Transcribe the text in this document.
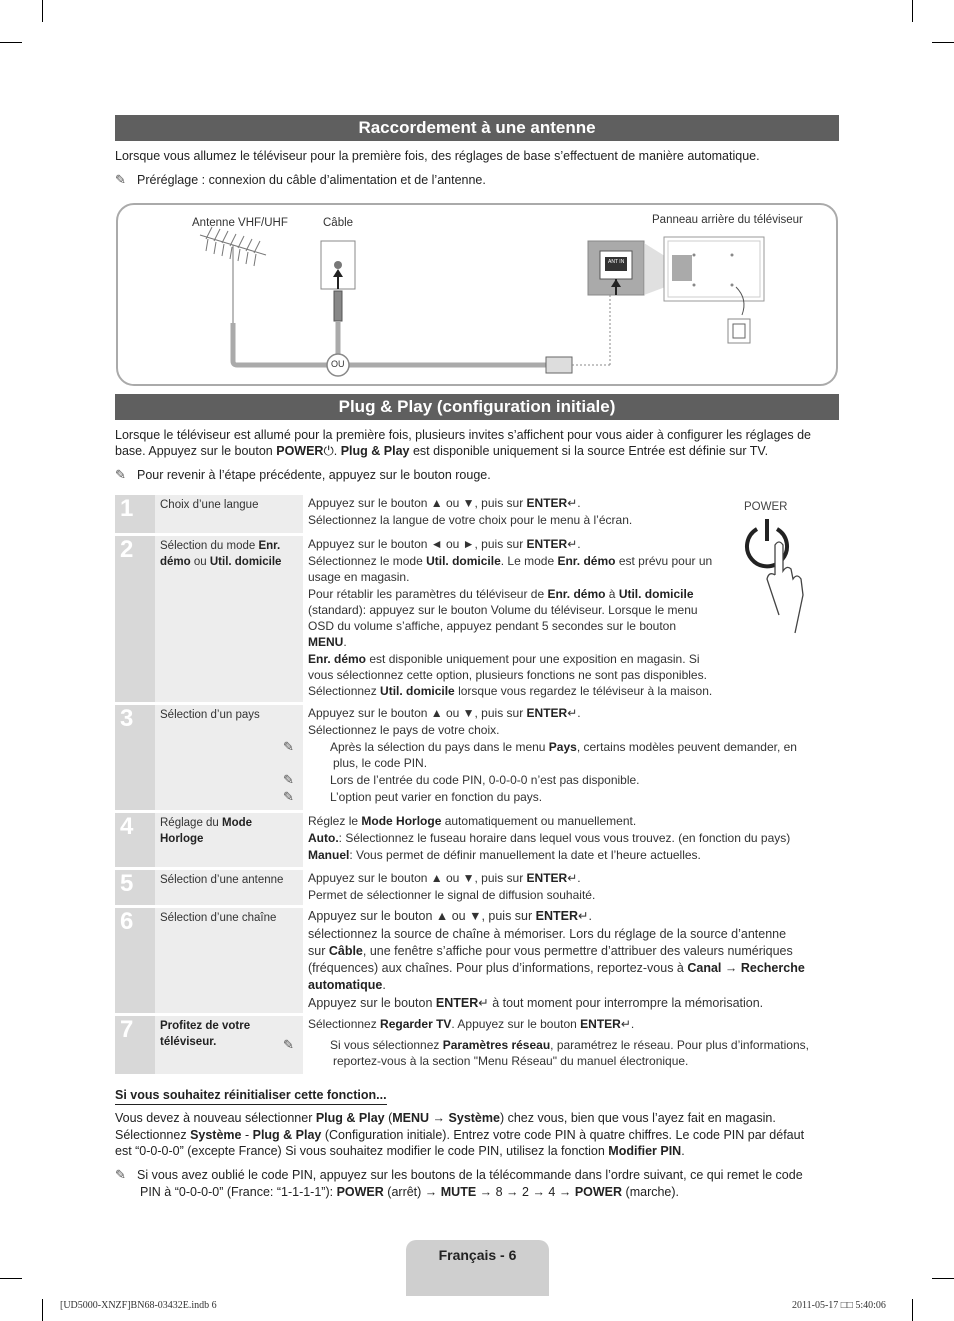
Raccordement à une antenne
Lorsque vous allumez le téléviseur pour la première fois, des réglages de base s’effectuent de manière automatique.
✎ Préréglage : connexion du câble d’alimentation et de l’antenne.
Antenne VHF/UHF	Câble	Panneau arrière du téléviseur
OU
ANT IN
Plug & Play (configuration initiale)
Lorsque le téléviseur est allumé pour la première fois, plusieurs invites s’affichent pour vous aider à configurer les réglages de
base. Appuyez sur le bouton POWER⏻. Plug & Play est disponible uniquement si la source Entrée est définie sur TV.
✎ Pour revenir à l’étape précédente, appuyez sur le bouton rouge.
POWER
1	Choix d’une langue	Appuyez sur le bouton ▲ ou ▼, puis sur ENTER↵.

Sélectionnez la langue de votre choix pour le menu à l’écran.

2	Sélection du mode Enr. démo ou Util. domicile

Appuyez sur le bouton ◄ ou ►, puis sur ENTER↵.

Sélectionnez le mode Util. domicile. Le mode Enr. démo est prévu pour un
usage en magasin.

Pour rétablir les paramètres du téléviseur de Enr. démo à Util. domicile
(standard): appuyez sur le bouton Volume du téléviseur. Lorsque le menu
OSD du volume s’affiche, appuyez pendant 5 secondes sur le bouton
MENU.

Enr. démo est disponible uniquement pour une exposition en magasin. Si
vous sélectionnez cette option, plusieurs fonctions ne sont pas disponibles.
Sélectionnez Util. domicile lorsque vous regardez le téléviseur à la maison.

3	Sélection d’un pays	Appuyez sur le bouton ▲ ou ▼, puis sur ENTER↵.

Sélectionnez le pays de votre choix.

✎	Après la sélection du pays dans le menu Pays, certains modèles peuvent demander, en
plus, le code PIN.

✎	Lors de l’entrée du code PIN, 0-0-0-0 n’est pas disponible.

✎	L’option peut varier en fonction du pays.

4	Réglage du Mode Horloge

Réglez le Mode Horloge automatiquement ou manuellement.

Auto.: Sélectionnez le fuseau horaire dans lequel vous vous trouvez. (en fonction du pays)

Manuel: Vous permet de définir manuellement la date et l’heure actuelles.

5	Sélection d’une antenne	Appuyez sur le bouton ▲ ou ▼, puis sur ENTER↵.

Permet de sélectionner le signal de diffusion souhaité.

6	Sélection d’une chaîne	Appuyez sur le bouton ▲ ou ▼, puis sur ENTER↵.

sélectionnez la source de chaîne à mémoriser. Lors du réglage de la source d’antenne
sur Câble, une fenêtre s’affiche pour vous permettre d’attribuer des valeurs numériques
(fréquences) aux chaînes. Pour plus d’informations, reportez-vous à Canal → Recherche
automatique.

Appuyez sur le bouton ENTER↵ à tout moment pour interrompre la mémorisation.

7	Profitez de votre téléviseur.

Sélectionnez Regarder TV. Appuyez sur le bouton ENTER↵.

✎	Si vous sélectionnez Paramètres réseau, paramétrez le réseau. Pour plus d’informations,
reportez-vous à la section "Menu Réseau" du manuel électronique.

Si vous souhaitez réinitialiser cette fonction...
Vous devez à nouveau sélectionner Plug & Play (MENU → Système) chez vous, bien que vous l’ayez fait en magasin.
Sélectionnez Système - Plug & Play (Configuration initiale). Entrez votre code PIN à quatre chiffres. Le code PIN par défaut
est “0-0-0-0” (excepte France) Si vous souhaitez modifier le code PIN, utilisez la fonction Modifier PIN.
✎ Si vous avez oublié le code PIN, appuyez sur les boutons de la télécommande dans l’ordre suivant, ce qui remet le code
PIN à “0-0-0-0” (France: “1-1-1-1”): POWER (arrêt) → MUTE → 8 → 2 → 4 → POWER (marche).
Français - 6
[UD5000-XNZF]BN68-03432E.indb 6	2011-05-17 □□ 5:40:06
